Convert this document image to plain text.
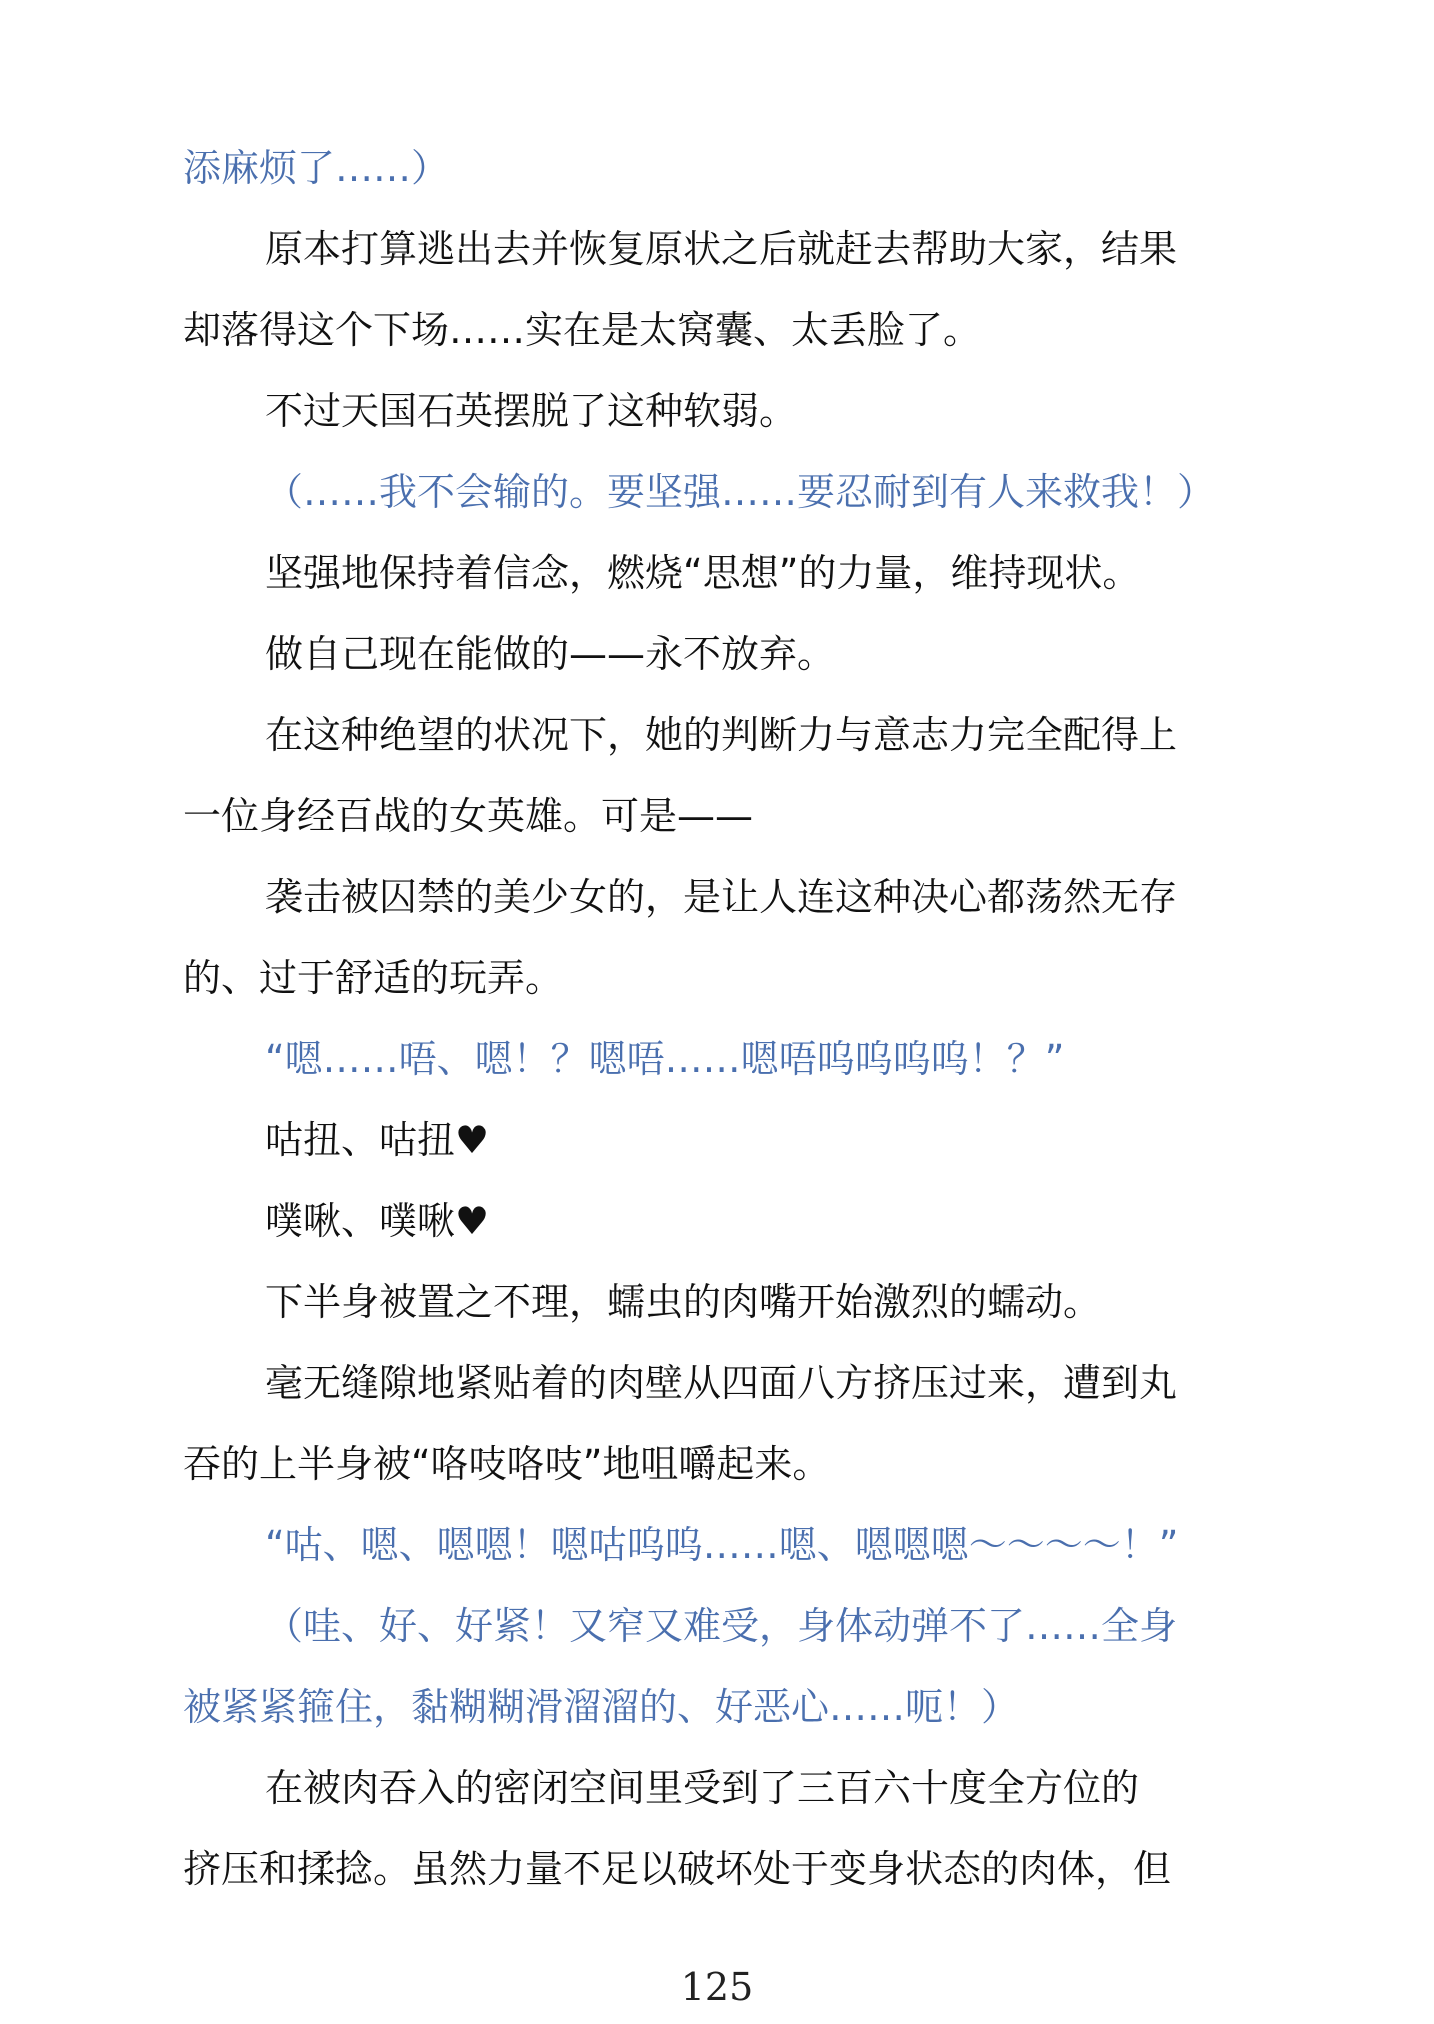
添麻烦了……）
原本打算逃出去并恢复原状之后就赶去帮助大家，结果
却落得这个下场……实在是太窝囊、太丢脸了。
不过天国石英摆脱了这种软弱。
（……我不会输的。要坚强……要忍耐到有人来救我！）
坚强地保持着信念，燃烧“思想”的力量，维持现状。
做自己现在能做的——永不放弃。
在这种绝望的状况下，她的判断力与意志力完全配得上
一位身经百战的女英雄。可是——
袭击被囚禁的美少女的，是让人连这种决心都荡然无存
的、过于舒适的玩弄。
“嗯……唔、嗯！？嗯唔……嗯唔呜呜呜呜！？”
咕扭、咕扭♥
噗啾、噗啾♥
下半身被置之不理，蠕虫的肉嘴开始激烈的蠕动。
毫无缝隙地紧贴着的肉壁从四面八方挤压过来，遭到丸
吞的上半身被“咯吱咯吱”地咀嚼起来。
“咕、嗯、嗯嗯！嗯咕呜呜……嗯、嗯嗯嗯～～～～！”
（哇、好、好紧！又窄又难受，身体动弹不了……全身
被紧紧箍住，黏糊糊滑溜溜的、好恶心……呃！）
在被肉吞入的密闭空间里受到了三百六十度全方位的
挤压和揉捻。虽然力量不足以破坏处于变身状态的肉体，但
125
